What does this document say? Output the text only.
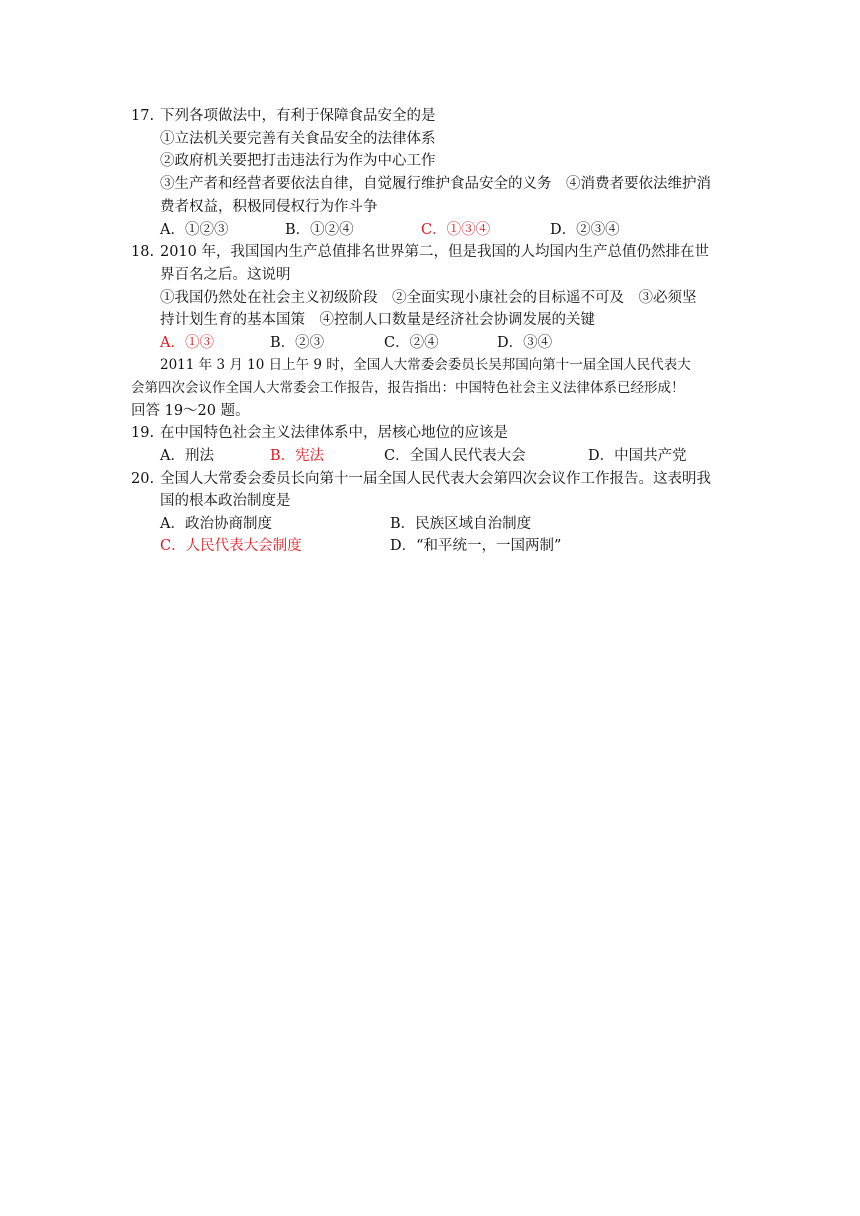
17. 下列各项做法中，有利于保障食品安全的是
①立法机关要完善有关食品安全的法律体系
②政府机关要把打击违法行为作为中心工作
③生产者和经营者要依法自律，自觉履行维护食品安全的义务　④消费者要依法维护消
费者权益，积极同侵权行为作斗争
A．①②③	B．①②④	C．①③④	D．②③④
18. 2010 年，我国国内生产总值排名世界第二，但是我国的人均国内生产总值仍然排在世
界百名之后。这说明
①我国仍然处在社会主义初级阶段　②全面实现小康社会的目标遥不可及　③必须坚
持计划生育的基本国策　④控制人口数量是经济社会协调发展的关键
A．①③	B．②③	C．②④	D．③④
2011 年 3 月 10 日上午 9 时，全国人大常委会委员长吴邦国向第十一届全国人民代表大
会第四次会议作全国人大常委会工作报告，报告指出：中国特色社会主义法律体系已经形成！
回答 19～20 题。
19. 在中国特色社会主义法律体系中，居核心地位的应该是
A．刑法	B．宪法	C．全国人民代表大会	D．中国共产党
20. 全国人大常委会委员长向第十一届全国人民代表大会第四次会议作工作报告。这表明我
国的根本政治制度是
A．政治协商制度	B．民族区域自治制度
C．人民代表大会制度	D．“和平统一，一国两制”
